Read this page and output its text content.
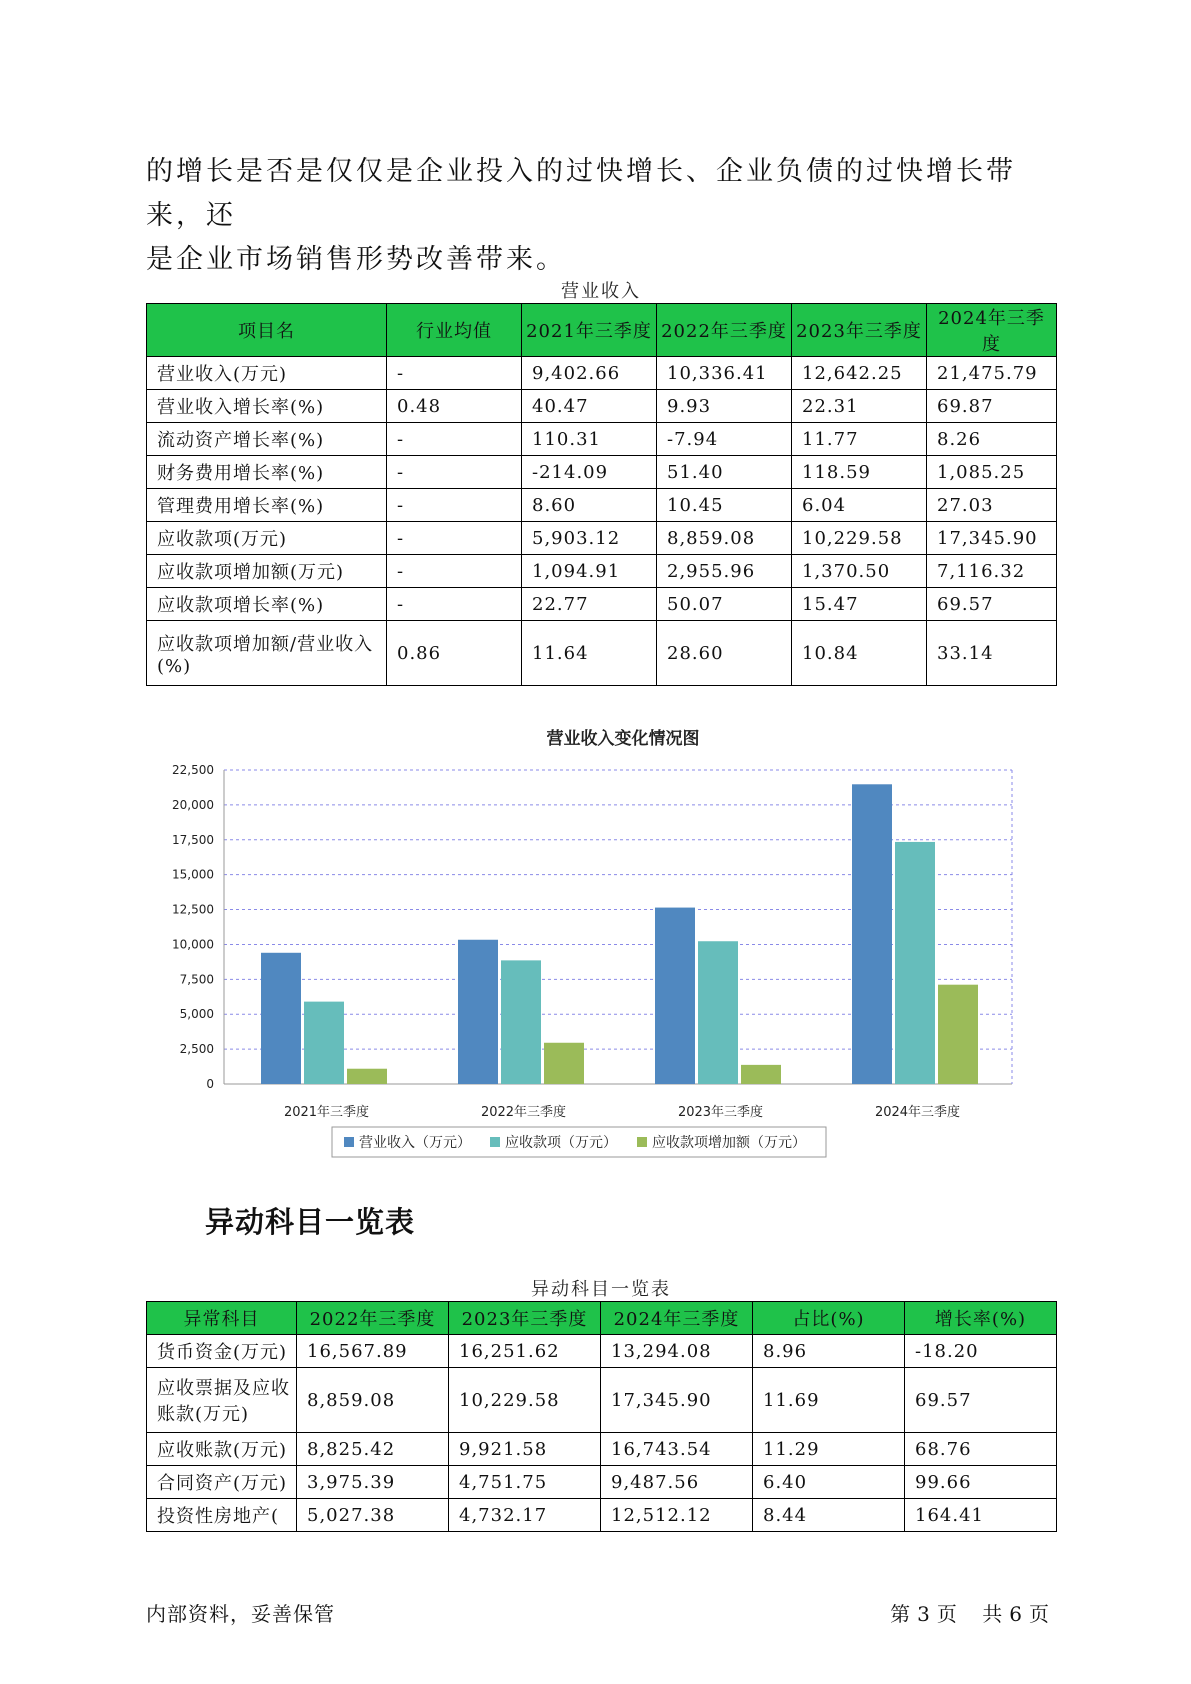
的增长是否是仅仅是企业投入的过快增长、企业负债的过快增长带来，还

是企业市场销售形势改善带来。

营业收入
项目名	行业均值	2021年三季度	2022年三季度	2023年三季度	2024年三季度
营业收入(万元)	-	9,402.66	10,336.41	12,642.25	21,475.79
营业收入增长率(%)	0.48	40.47	9.93	22.31	69.87
流动资产增长率(%)	-	110.31	-7.94	11.77	8.26
财务费用增长率(%)	-	-214.09	51.40	118.59	1,085.25
管理费用增长率(%)	-	8.60	10.45	6.04	27.03
应收款项(万元)	-	5,903.12	8,859.08	10,229.58	17,345.90
应收款项增加额(万元)	-	1,094.91	2,955.96	1,370.50	7,116.32
应收款项增长率(%)	-	22.77	50.07	15.47	69.57
应收款项增加额/营业收入(%)	0.86	11.64	28.60	10.84	33.14
营业收入变化情况图
0
2,500
5,000
7,500
10,000
12,500
15,000
17,500
20,000
22,500
2021年三季度	2022年三季度	2023年三季度	2024年三季度
营业收入（万元） 应收款项（万元）	应收款项增加额（万元）
异动科目一览表
异动科目一览表
异常科目	2022年三季度	2023年三季度	2024年三季度	占比(%)	增长率(%)
货币资金(万元)	16,567.89	16,251.62	13,294.08	8.96	-18.20
应收票据及应收账款(万元)	8,859.08	10,229.58	17,345.90	11.69	69.57
应收账款(万元)	8,825.42	9,921.58	16,743.54	11.29	68.76
合同资产(万元)	3,975.39	4,751.75	9,487.56	6.40	99.66
投资性房地产(	5,027.38	4,732.17	12,512.12	8.44	164.41
内部资料，妥善保管	第 3 页 共 6 页
